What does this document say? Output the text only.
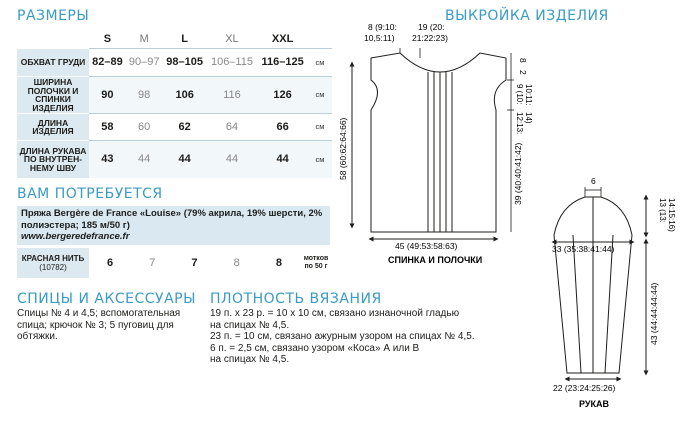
РАЗМЕРЫ
	S	M	L	XL	XXL	
ОБХВАТ ГРУДИ	82–89	90–97	98–105	106–115	116–125	см
ШИРИНА ПОЛОЧКИ И СПИНКИ ИЗДЕЛИЯ	90	98	106	116	126	см
ДЛИНА ИЗДЕЛИЯ	58	60	62	64	66	см
ДЛИНА РУКАВА ПО ВНУТРЕН-НЕМУ ШВУ	43	44	44	44	44	см
ВАМ ПОТРЕБУЕТСЯ
Пряжа Bergère de France «Louise» (79% акрила, 19% шерсти, 2% полиэстера; 185 м/50 г)
www.bergeredefrance.fr
КРАСНАЯ НИТЬ
(10782)	6	7	7	8	8	мотков по 50 г
СПИЦЫ И АКСЕССУАРЫ
Спицы № 4 и 4,5; вспомогательная спица; крючок № 3; 5 пуговиц для обтяжки.
ПЛОТНОСТЬ ВЯЗАНИЯ
19 п. х 23 р. = 10 х 10 см, связано изнаночной гладью
на спицах № 4,5.
23 п. = 10 см, связано ажурным узором на спицах № 4,5.
6 п. = 2,5 см, связано узором «Коса» А или В
на спицах № 4,5.
ВЫКРОЙКА ИЗДЕЛИЯ
8 (9:10:
10,5:11)
19 (20:
21:22:23)
8
2
9 (10: 10:11:
12:13: 14)
39 (40:40:41:42)
58 (60:62:64:66)
45 (49:53:58:63)
СПИНКА И ПОЛОЧКИ
6
33 (35:38:41:44)
13 (13: 14:15:16)
43 (44:44:44:44)
22 (23:24:25:26)
РУКАВ
